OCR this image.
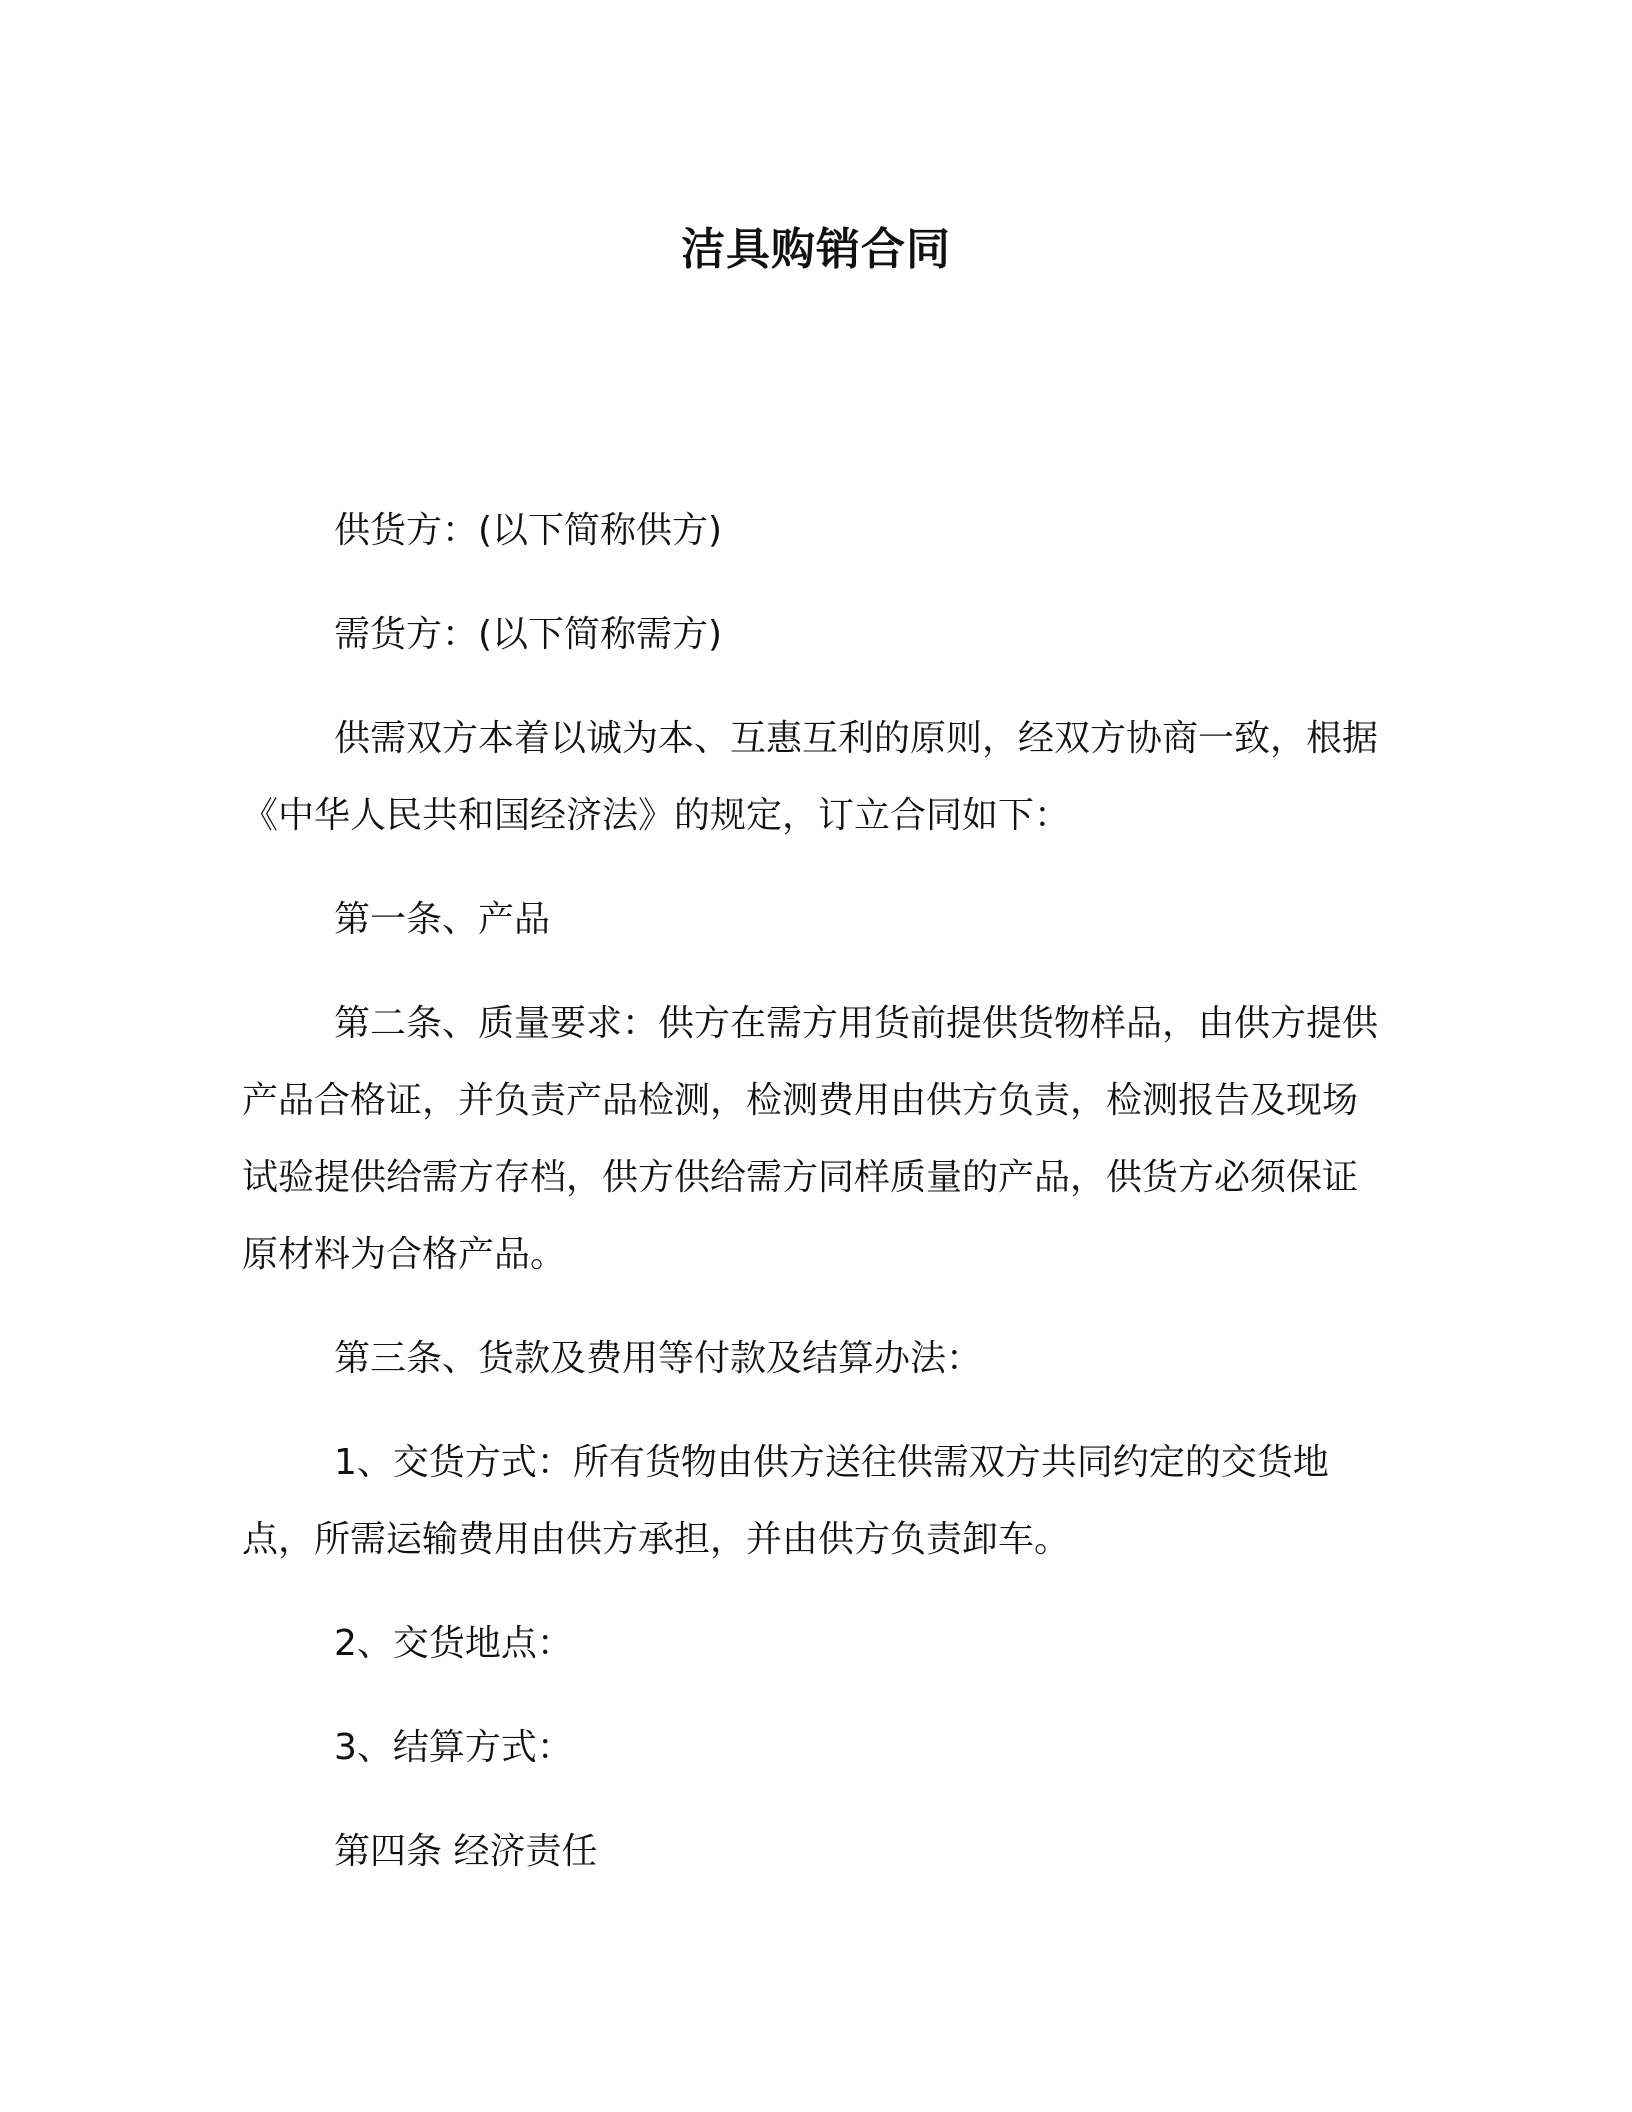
洁具购销合同

供货方：(以下简称供方)

需货方：(以下简称需方)

供需双方本着以诚为本、互惠互利的原则，经双方协商一致，根据《中华人民共和国经济法》的规定，订立合同如下：

第一条、产品

第二条、质量要求：供方在需方用货前提供货物样品，由供方提供产品合格证，并负责产品检测，检测费用由供方负责，检测报告及现场试验提供给需方存档，供方供给需方同样质量的产品，供货方必须保证原材料为合格产品。

第三条、货款及费用等付款及结算办法：

1、交货方式：所有货物由供方送往供需双方共同约定的交货地点，所需运输费用由供方承担，并由供方负责卸车。

2、交货地点：

3、结算方式：

第四条 经济责任
